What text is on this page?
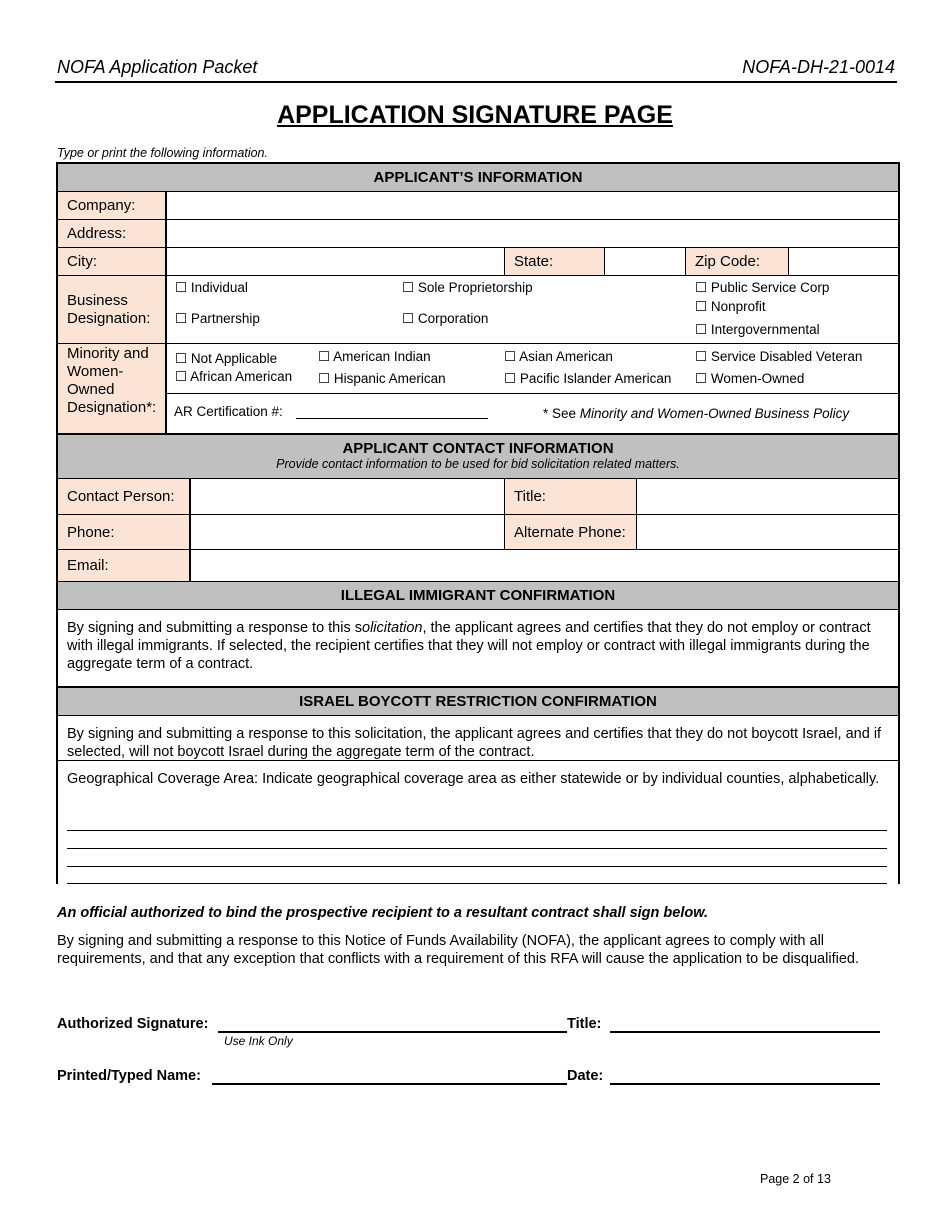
NOFA Application Packet	NOFA-DH-21-0014
APPLICATION SIGNATURE PAGE
Type or print the following information.
APPLICANT’S INFORMATION
Company:
Address:
City:	State:	Zip Code:
Business Designation:
☐ Individual	☐ Sole Proprietorship	☐ Public Service Corp
☐ Nonprofit
☐ Partnership	☐ Corporation
☐ Intergovernmental
Minority and Women-Owned Designation*:
☐ Not Applicable	☐ American Indian	☐ Asian American	☐ Service Disabled Veteran
☐ African American ☐ Hispanic American	☐ Pacific Islander American ☐ Women-Owned
AR Certification #:	* See Minority and Women-Owned Business Policy
APPLICANT CONTACT INFORMATION
Provide contact information to be used for bid solicitation related matters.
Contact Person:	Title:
Phone:	Alternate Phone:
Email:
ILLEGAL IMMIGRANT CONFIRMATION
By signing and submitting a response to this solicitation, the applicant agrees and certifies that they do not employ or contract with illegal immigrants. If selected, the recipient certifies that they will not employ or contract with illegal immigrants during the aggregate term of a contract.
ISRAEL BOYCOTT RESTRICTION CONFIRMATION
By signing and submitting a response to this solicitation, the applicant agrees and certifies that they do not boycott Israel, and if selected, will not boycott Israel during the aggregate term of the contract.
Geographical Coverage Area: Indicate geographical coverage area as either statewide or by individual counties, alphabetically.
An official authorized to bind the prospective recipient to a resultant contract shall sign below.
By signing and submitting a response to this Notice of Funds Availability (NOFA), the applicant agrees to comply with all requirements, and that any exception that conflicts with a requirement of this RFA will cause the application to be disqualified.
Authorized Signature:
Use Ink Only
Title:
Printed/Typed Name:	Date:
Page 2 of 13
